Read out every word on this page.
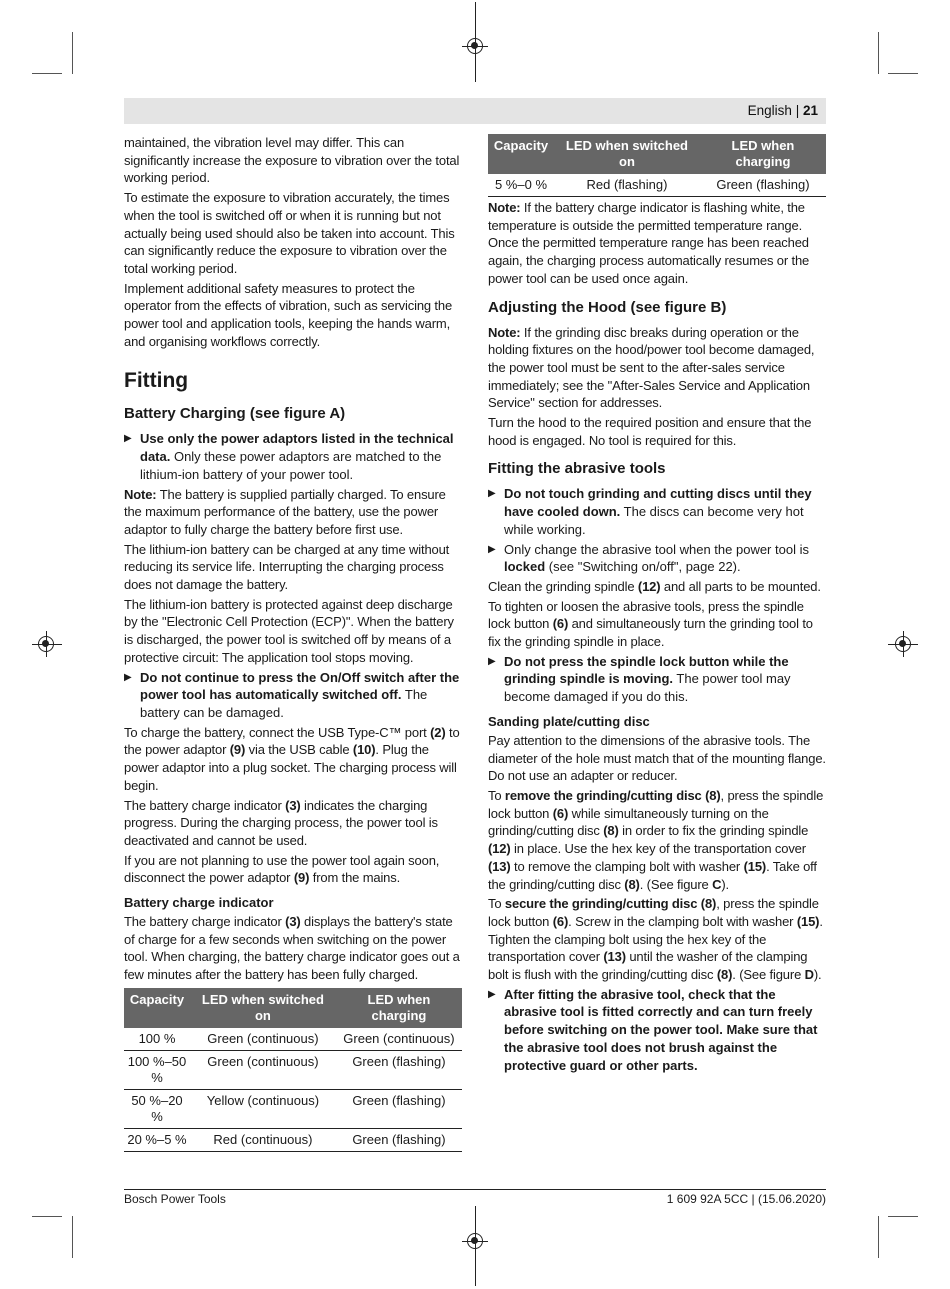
English | 21

maintained, the vibration level may differ. This can significantly increase the exposure to vibration over the total working period.

To estimate the exposure to vibration accurately, the times when the tool is switched off or when it is running but not actually being used should also be taken into account. This can significantly reduce the exposure to vibration over the total working period.

Implement additional safety measures to protect the operator from the effects of vibration, such as servicing the power tool and application tools, keeping the hands warm, and organising workflows correctly.

Fitting
Battery Charging (see figure A)
▶ Use only the power adaptors listed in the technical data. Only these power adaptors are matched to the lithium-ion battery of your power tool.

Note: The battery is supplied partially charged. To ensure the maximum performance of the battery, use the power adaptor to fully charge the battery before first use.

The lithium-ion battery can be charged at any time without reducing its service life. Interrupting the charging process does not damage the battery.

The lithium-ion battery is protected against deep discharge by the "Electronic Cell Protection (ECP)". When the battery is discharged, the power tool is switched off by means of a protective circuit: The application tool stops moving.

▶ Do not continue to press the On/Off switch after the power tool has automatically switched off. The battery can be damaged.

To charge the battery, connect the USB Type-C™ port (2) to the power adaptor (9) via the USB cable (10). Plug the power adaptor into a plug socket. The charging process will begin.

The battery charge indicator (3) indicates the charging progress. During the charging process, the power tool is deactivated and cannot be used.

If you are not planning to use the power tool again soon, disconnect the power adaptor (9) from the mains.

Battery charge indicator

The battery charge indicator (3) displays the battery's state of charge for a few seconds when switching on the power tool. When charging, the battery charge indicator goes out a few minutes after the battery has been fully charged.

Capacity	LED when switched on	LED when charging
100 %	Green (continuous)	Green (continuous)
100 %–50 %	Green (continuous)	Green (flashing)
50 %–20 %	Yellow (continuous)	Green (flashing)
20 %–5 %	Red (continuous)	Green (flashing)
Capacity	LED when switched on	LED when charging
5 %–0 %	Red (flashing)	Green (flashing)

Note: If the battery charge indicator is flashing white, the temperature is outside the permitted temperature range. Once the permitted temperature range has been reached again, the charging process automatically resumes or the power tool can be used once again.

Adjusting the Hood (see figure B)

Note: If the grinding disc breaks during operation or the holding fixtures on the hood/power tool become damaged, the power tool must be sent to the after-sales service immediately; see the "After-Sales Service and Application Service" section for addresses.

Turn the hood to the required position and ensure that the hood is engaged. No tool is required for this.

Fitting the abrasive tools
▶ Do not touch grinding and cutting discs until they have cooled down. The discs can become very hot while working.
▶ Only change the abrasive tool when the power tool is locked (see "Switching on/off", page 22).

Clean the grinding spindle (12) and all parts to be mounted.

To tighten or loosen the abrasive tools, press the spindle lock button (6) and simultaneously turn the grinding tool to fix the grinding spindle in place.

▶ Do not press the spindle lock button while the grinding spindle is moving. The power tool may become damaged if you do this.
Sanding plate/cutting disc

Pay attention to the dimensions of the abrasive tools. The diameter of the hole must match that of the mounting flange. Do not use an adapter or reducer.

To remove the grinding/cutting disc (8), press the spindle lock button (6) while simultaneously turning on the grinding/cutting disc (8) in order to fix the grinding spindle (12) in place. Use the hex key of the transportation cover (13) to remove the clamping bolt with washer (15). Take off the grinding/cutting disc (8). (See figure C).

To secure the grinding/cutting disc (8), press the spindle lock button (6). Screw in the clamping bolt with washer (15). Tighten the clamping bolt using the hex key of the transportation cover (13) until the washer of the clamping bolt is flush with the grinding/cutting disc (8). (See figure D).

▶ After fitting the abrasive tool, check that the abrasive tool is fitted correctly and can turn freely before switching on the power tool. Make sure that the abrasive tool does not brush against the protective guard or other parts.
Bosch Power Tools	1 609 92A 5CC | (15.06.2020)
